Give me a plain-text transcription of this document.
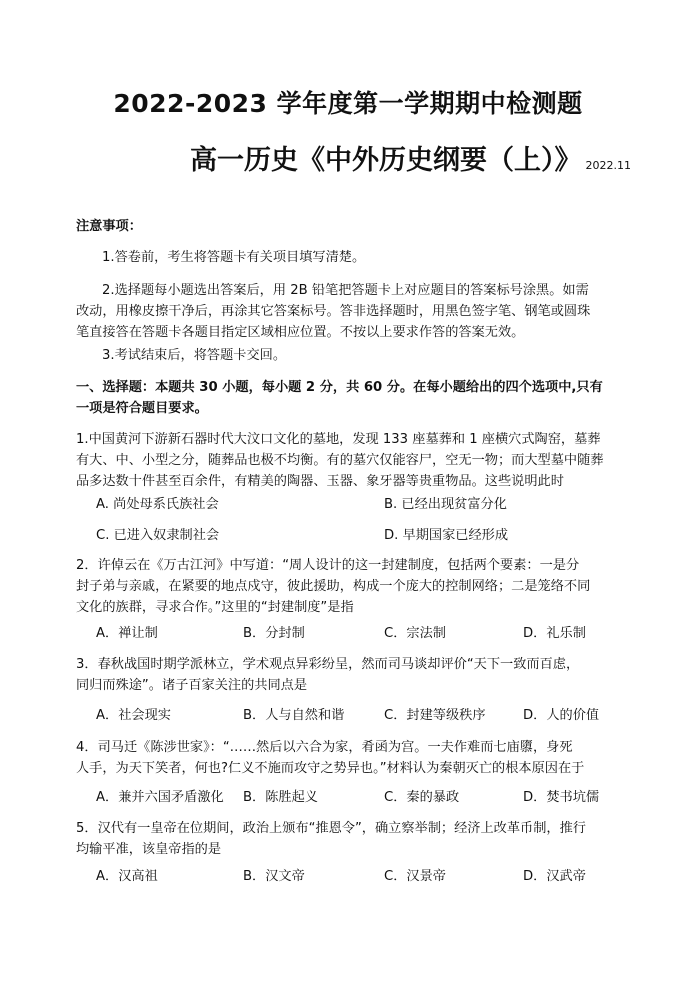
2022-2023 学年度第一学期期中检测题
高一历史《中外历史纲要（上）》 2022.11
注意事项：
1.答卷前，考生将答题卡有关项目填写清楚。
2.选择题每小题选出答案后，用 2B 铅笔把答题卡上对应题目的答案标号涂黑。如需
改动，用橡皮擦干净后，再涂其它答案标号。答非选择题时，用黑色签字笔、钢笔或圆珠
笔直接答在答题卡各题目指定区域相应位置。不按以上要求作答的答案无效。
3.考试结束后，将答题卡交回。
一、选择题：本题共 30 小题，每小题 2 分，共 60 分。在每小题给出的四个选项中,只有
一项是符合题目要求。
1.中国黄河下游新石器时代大汶口文化的墓地，发现 133 座墓葬和 1 座横穴式陶窑，墓葬
有大、中、小型之分，随葬品也极不均衡。有的墓穴仅能容尸，空无一物；而大型墓中随葬
品多达数十件甚至百余件，有精美的陶器、玉器、象牙器等贵重物品。这些说明此时
A. 尚处母系氏族社会	B. 已经出现贫富分化
C. 已进入奴隶制社会	D. 早期国家已经形成
2．许倬云在《万古江河》中写道：“周人设计的这一封建制度，包括两个要素：一是分
封子弟与亲戚，在紧要的地点戍守，彼此援助，构成一个庞大的控制网络；二是笼络不同
文化的族群，寻求合作。”这里的“封建制度”是指
A．禅让制	B．分封制	C．宗法制	D．礼乐制
3．春秋战国时期学派林立，学术观点异彩纷呈，然而司马谈却评价“天下一致而百虑，
同归而殊途”。诸子百家关注的共同点是
A．社会现实	B．人与自然和谐	C．封建等级秩序	D．人的价值
4．司马迁《陈涉世家》：“……然后以六合为家，肴函为宫。一夫作难而七庙隳，身死
人手，为天下笑者，何也?仁义不施而攻守之势异也。”材料认为秦朝灭亡的根本原因在于
A．兼并六国矛盾激化 B．陈胜起义	C．秦的暴政	D．焚书坑儒
5．汉代有一皇帝在位期间，政治上颁布“推恩令”，确立察举制；经济上改革币制，推行
均输平准，该皇帝指的是
A．汉高祖	B．汉文帝	C．汉景帝	D．汉武帝
